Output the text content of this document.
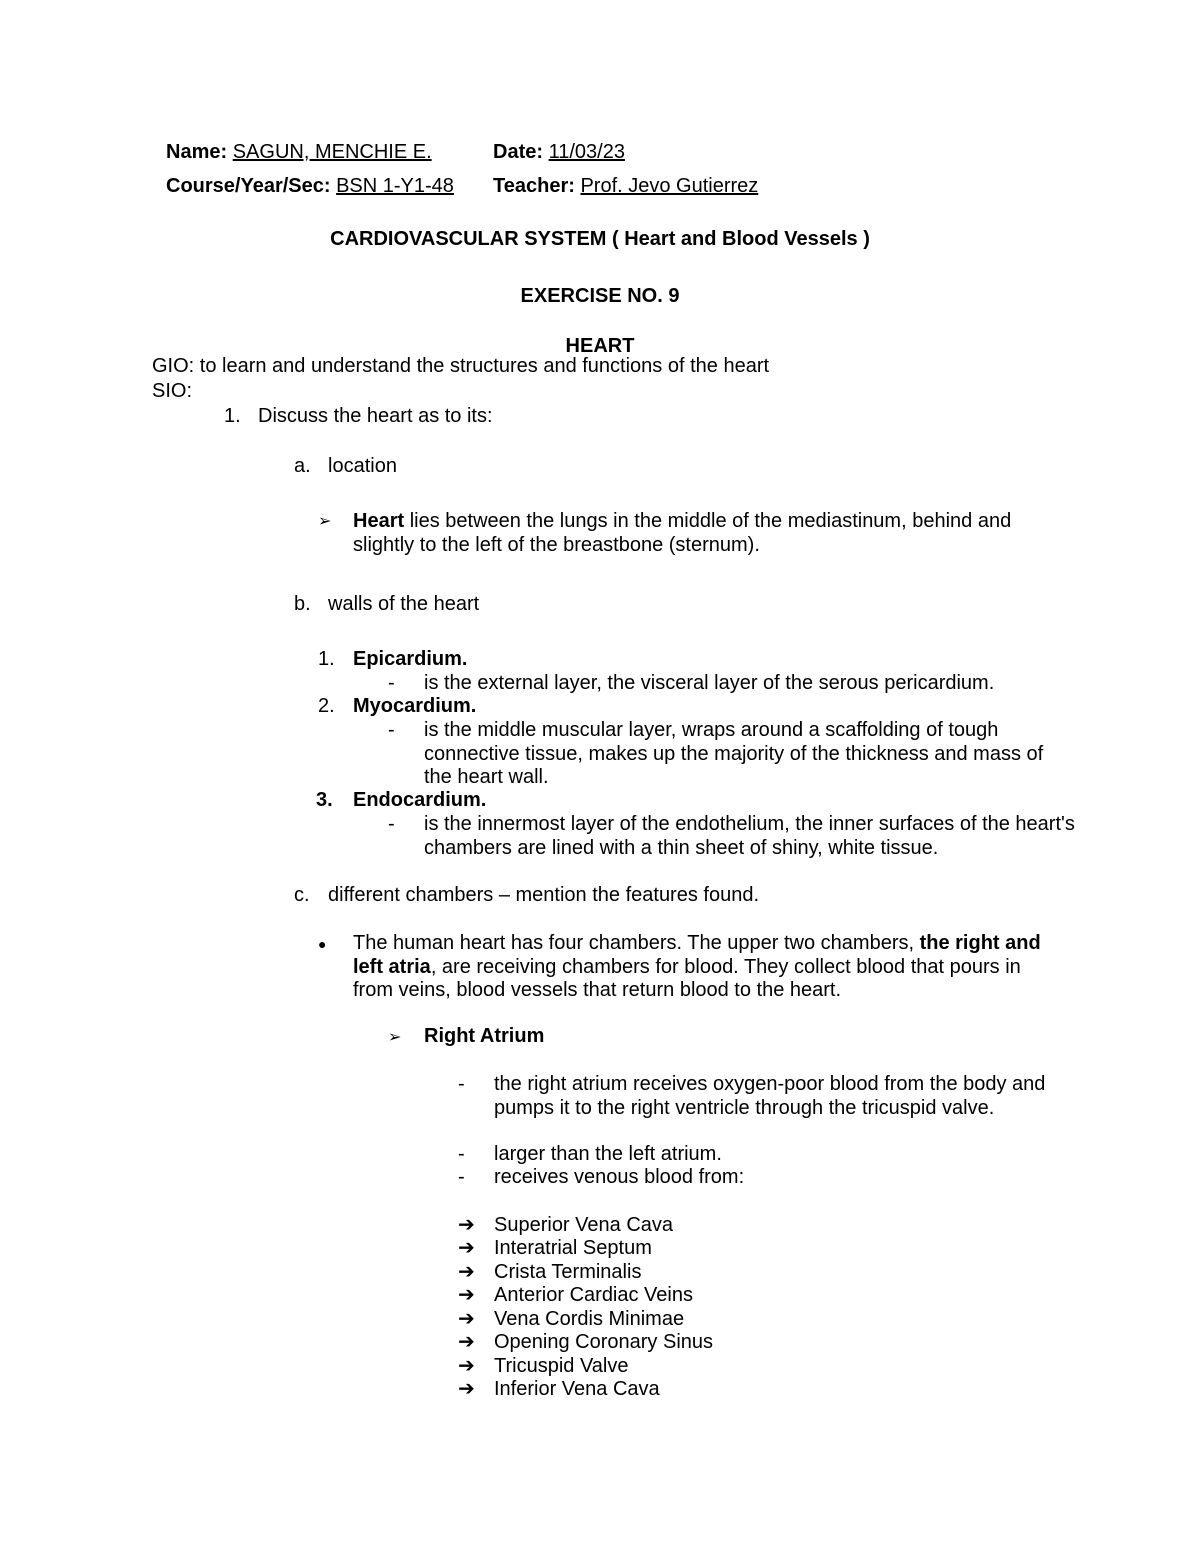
Name: SAGUN, MENCHIE E.	Date: 11/03/23
Course/Year/Sec: BSN 1-Y1-48 Teacher: Prof. Jevo Gutierrez
CARDIOVASCULAR SYSTEM ( Heart and Blood Vessels )
EXERCISE NO. 9
HEART
GIO: to learn and understand the structures and functions of the heart
SIO:
1. Discuss the heart as to its:
a. location
➢ Heart lies between the lungs in the middle of the mediastinum, behind and slightly to the left of the breastbone (sternum).
b. walls of the heart
1. Epicardium.
- is the external layer, the visceral layer of the serous pericardium.
2. Myocardium.
- is the middle muscular layer, wraps around a scaffolding of tough connective tissue, makes up the majority of the thickness and mass of the heart wall.
3. Endocardium.
- is the innermost layer of the endothelium, the inner surfaces of the heart's chambers are lined with a thin sheet of shiny, white tissue.
c. different chambers – mention the features found.
● The human heart has four chambers. The upper two chambers, the right and left atria, are receiving chambers for blood. They collect blood that pours in from veins, blood vessels that return blood to the heart.
➢ Right Atrium
- the right atrium receives oxygen-poor blood from the body and pumps it to the right ventricle through the tricuspid valve.
- larger than the left atrium.
- receives venous blood from:
➔ Superior Vena Cava
➔ Interatrial Septum
➔ Crista Terminalis
➔ Anterior Cardiac Veins
➔ Vena Cordis Minimae
➔ Opening Coronary Sinus
➔ Tricuspid Valve
➔ Inferior Vena Cava
